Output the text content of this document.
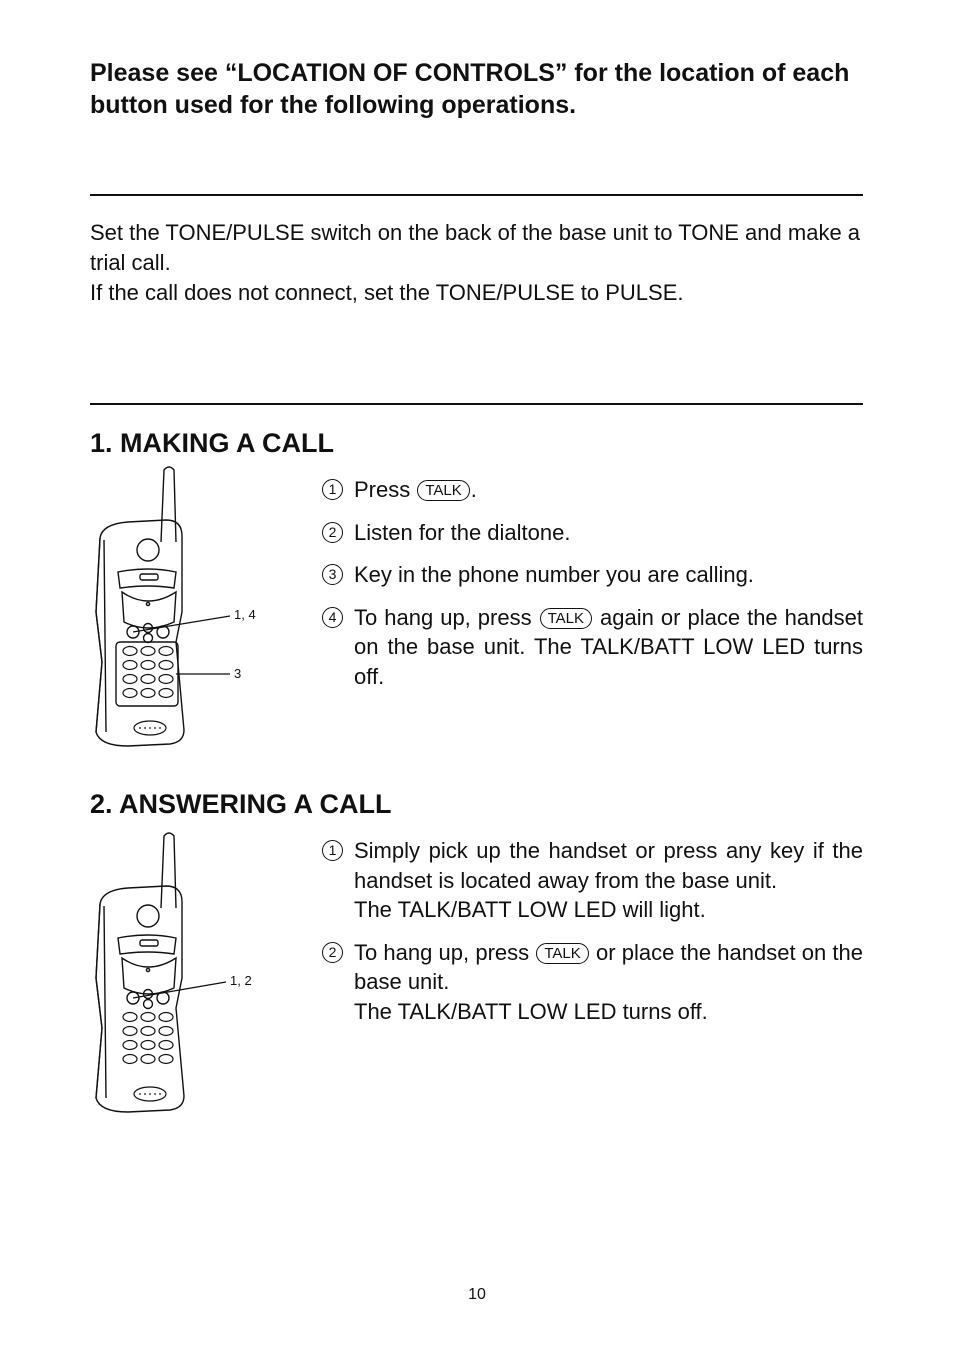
Please see “LOCATION OF CONTROLS” for the location of each button used for the following operations.

Set the TONE/PULSE switch on the back of the base unit to TONE and make a trial call.

If the call does not connect, set the TONE/PULSE to PULSE.

1. MAKING A CALL
1, 4
3
1 Press TALK .
2 Listen for the dialtone.
3 Key in the phone number you are calling.
4 To hang up, press TALK again or place the handset on the base unit. The TALK/BATT LOW LED turns off.
2. ANSWERING A CALL
1, 2
1 Simply pick up the handset or press any key if the handset is located away from the base unit.
The TALK/BATT LOW LED will light.
2 To hang up, press TALK or place the handset on the base unit.
The TALK/BATT LOW LED turns off.
10
